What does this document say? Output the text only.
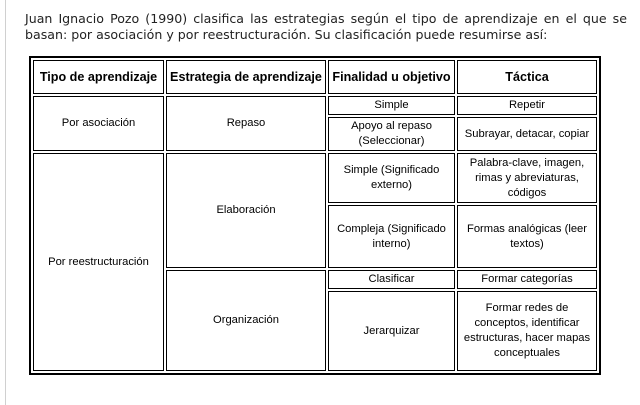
Juan Ignacio Pozo (1990) clasifica las estrategias según el tipo de aprendizaje en el que se basan: por asociación y por reestructuración. Su clasificación puede resumirse así:

Tipo de aprendizaje	Estrategia de aprendizaje	Finalidad u objetivo	Táctica
Por asociación	Repaso	Simple	Repetir
		Apoyo al repaso (Seleccionar)	Subrayar, detacar, copiar
Por reestructuración	Elaboración	Simple (Significado externo)	Palabra-clave, imagen, rimas y abreviaturas, códigos
		Compleja (Significado interno)	Formas analógicas (leer textos)
	Organización	Clasificar	Formar categorías
		Jerarquizar	Formar redes de conceptos, identificar estructuras, hacer mapas conceptuales
